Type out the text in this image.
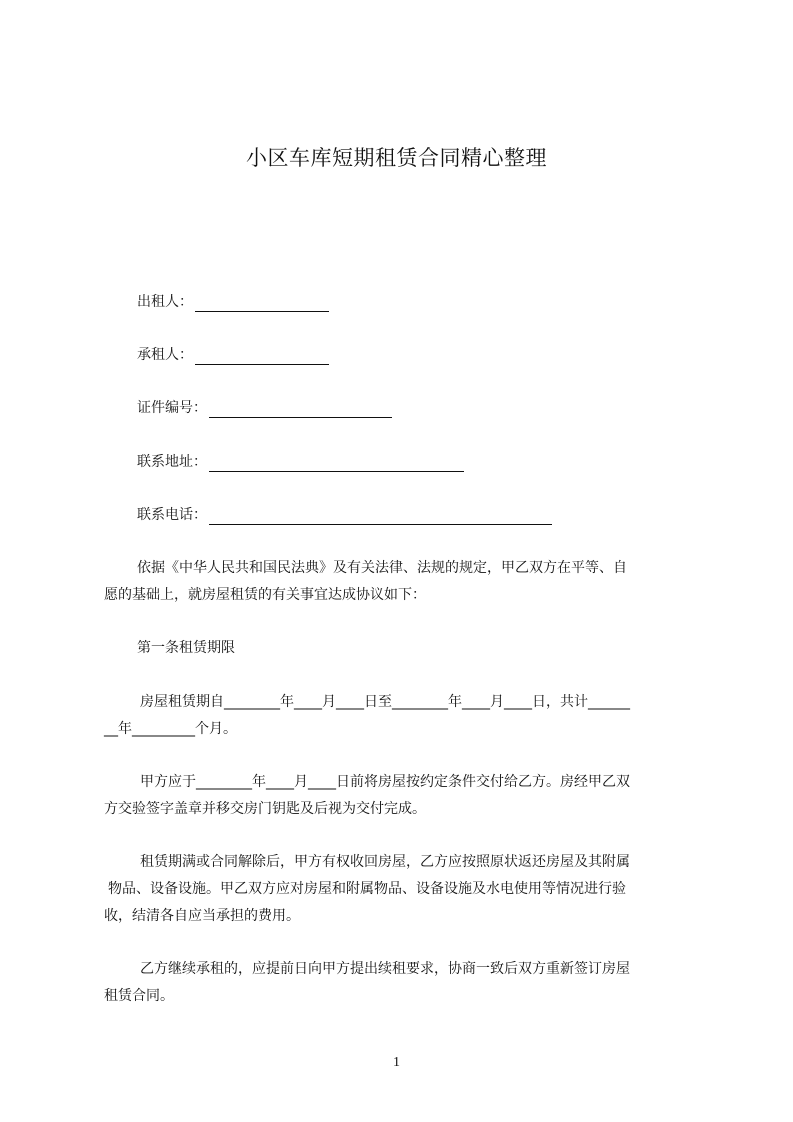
小区车库短期租赁合同精心整理
出租人：
承租人：
证件编号：
联系地址：
联系电话：
依据《中华人民共和国民法典》及有关法律、法规的规定，甲乙双方在平等、自
愿的基础上，就房屋租赁的有关事宜达成协议如下：
第一条租赁期限
房屋租赁期自________年____月____日至________年____月____日，共计______
__年_________个月。
甲方应于________年____月____日前将房屋按约定条件交付给乙方。房经甲乙双
方交验签字盖章并移交房门钥匙及后视为交付完成。
租赁期满或合同解除后，甲方有权收回房屋，乙方应按照原状返还房屋及其附属
物品、设备设施。甲乙双方应对房屋和附属物品、设备设施及水电使用等情况进行验
收，结清各自应当承担的费用。
乙方继续承租的，应提前日向甲方提出续租要求，协商一致后双方重新签订房屋
租赁合同。
1
